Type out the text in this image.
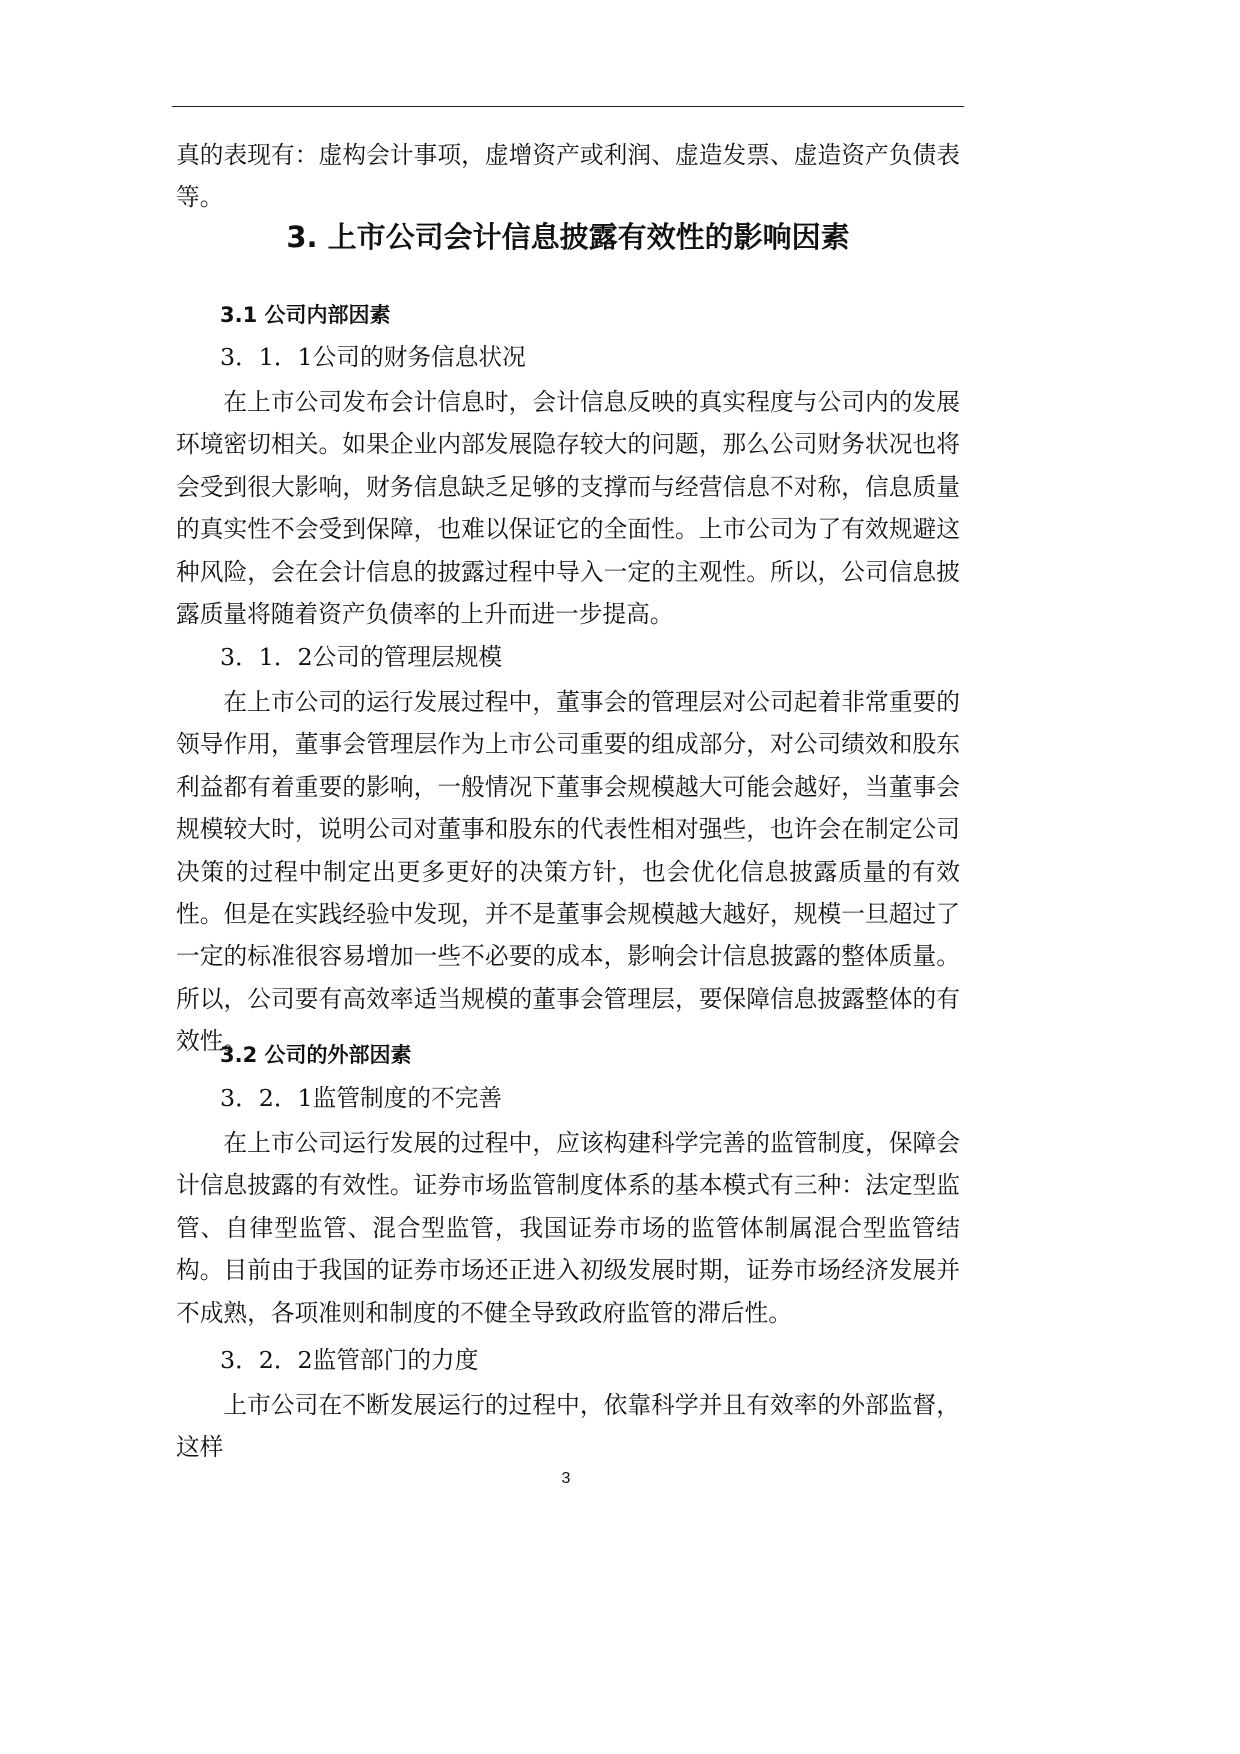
真的表现有：虚构会计事项，虚增资产或利润、虚造发票、虚造资产负债表等。
3. 上市公司会计信息披露有效性的影响因素
3.1 公司内部因素
3．1．1公司的财务信息状况
在上市公司发布会计信息时，会计信息反映的真实程度与公司内的发展环境密切相关。如果企业内部发展隐存较大的问题，那么公司财务状况也将会受到很大影响，财务信息缺乏足够的支撑而与经营信息不对称，信息质量的真实性不会受到保障，也难以保证它的全面性。上市公司为了有效规避这种风险，会在会计信息的披露过程中导入一定的主观性。所以，公司信息披露质量将随着资产负债率的上升而进一步提高。
3．1．2公司的管理层规模
在上市公司的运行发展过程中，董事会的管理层对公司起着非常重要的领导作用，董事会管理层作为上市公司重要的组成部分，对公司绩效和股东利益都有着重要的影响，一般情况下董事会规模越大可能会越好，当董事会规模较大时，说明公司对董事和股东的代表性相对强些，也许会在制定公司决策的过程中制定出更多更好的决策方针，也会优化信息披露质量的有效性。但是在实践经验中发现，并不是董事会规模越大越好，规模一旦超过了一定的标准很容易增加一些不必要的成本，影响会计信息披露的整体质量。所以，公司要有高效率适当规模的董事会管理层，要保障信息披露整体的有效性。
3.2 公司的外部因素
3．2．1监管制度的不完善
在上市公司运行发展的过程中，应该构建科学完善的监管制度，保障会计信息披露的有效性。证券市场监管制度体系的基本模式有三种：法定型监管、自律型监管、混合型监管，我国证券市场的监管体制属混合型监管结构。目前由于我国的证券市场还正进入初级发展时期，证券市场经济发展并不成熟，各项准则和制度的不健全导致政府监管的滞后性。
3．2．2监管部门的力度
上市公司在不断发展运行的过程中，依靠科学并且有效率的外部监督，这样
3
